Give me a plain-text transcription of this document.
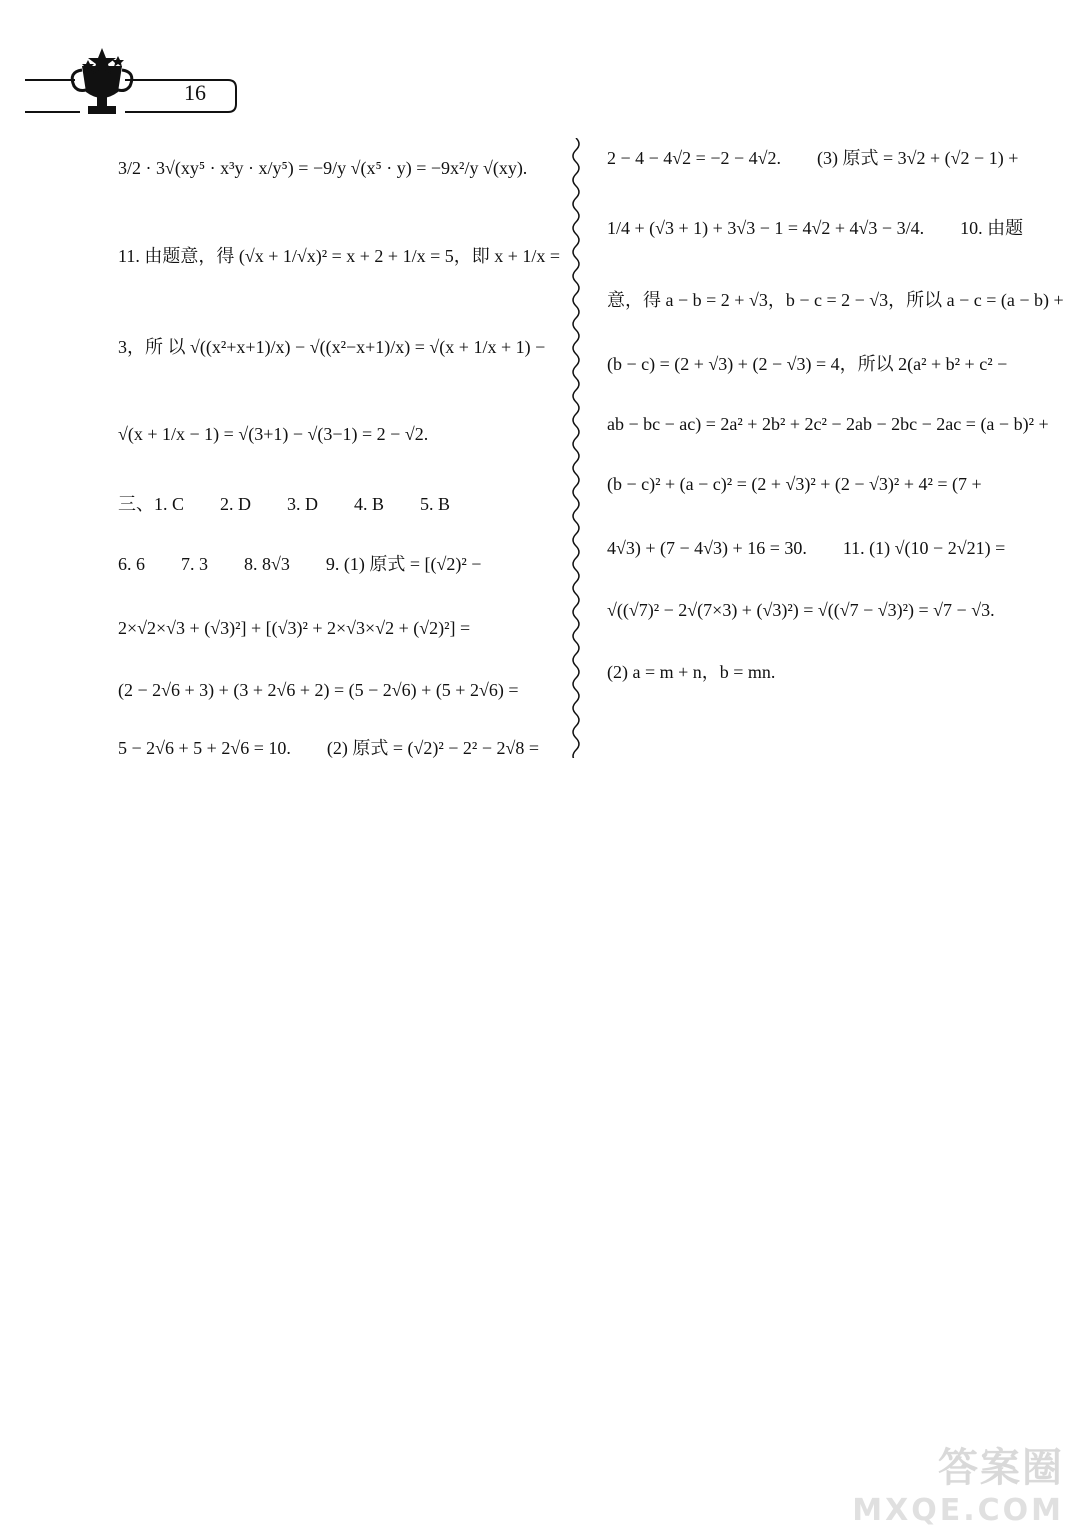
16
3/2 · 3√(xy⁵ · x³y · x/y⁵) = −9/y √(x⁵ · y) = −9x²/y √(xy).
11. 由题意，得 (√x + 1/√x)² = x + 2 + 1/x = 5，即 x + 1/x =
3，所 以 √((x²+x+1)/x) − √((x²−x+1)/x) = √(x + 1/x + 1) −
√(x + 1/x − 1) = √(3+1) − √(3−1) = 2 − √2.
三、1. C　　2. D　　3. D　　4. B　　5. B
6. 6　　7. 3　　8. 8√3　　9. (1) 原式 = [(√2)² −
2×√2×√3 + (√3)²] + [(√3)² + 2×√3×√2 + (√2)²] =
(2 − 2√6 + 3) + (3 + 2√6 + 2) = (5 − 2√6) + (5 + 2√6) =
5 − 2√6 + 5 + 2√6 = 10.　　(2) 原式 = (√2)² − 2² − 2√8 =
2 − 4 − 4√2 = −2 − 4√2.　　(3) 原式 = 3√2 + (√2 − 1) +
1/4 + (√3 + 1) + 3√3 − 1 = 4√2 + 4√3 − 3/4.　　10. 由题
意，得 a − b = 2 + √3，b − c = 2 − √3，所以 a − c = (a − b) +
(b − c) = (2 + √3) + (2 − √3) = 4，所以 2(a² + b² + c² −
ab − bc − ac) = 2a² + 2b² + 2c² − 2ab − 2bc − 2ac = (a − b)² +
(b − c)² + (a − c)² = (2 + √3)² + (2 − √3)² + 4² = (7 +
4√3) + (7 − 4√3) + 16 = 30.　　11. (1) √(10 − 2√21) =
√((√7)² − 2√(7×3) + (√3)²) = √((√7 − √3)²) = √7 − √3.
(2) a = m + n，b = mn.
答案圈
MXQE.COM
